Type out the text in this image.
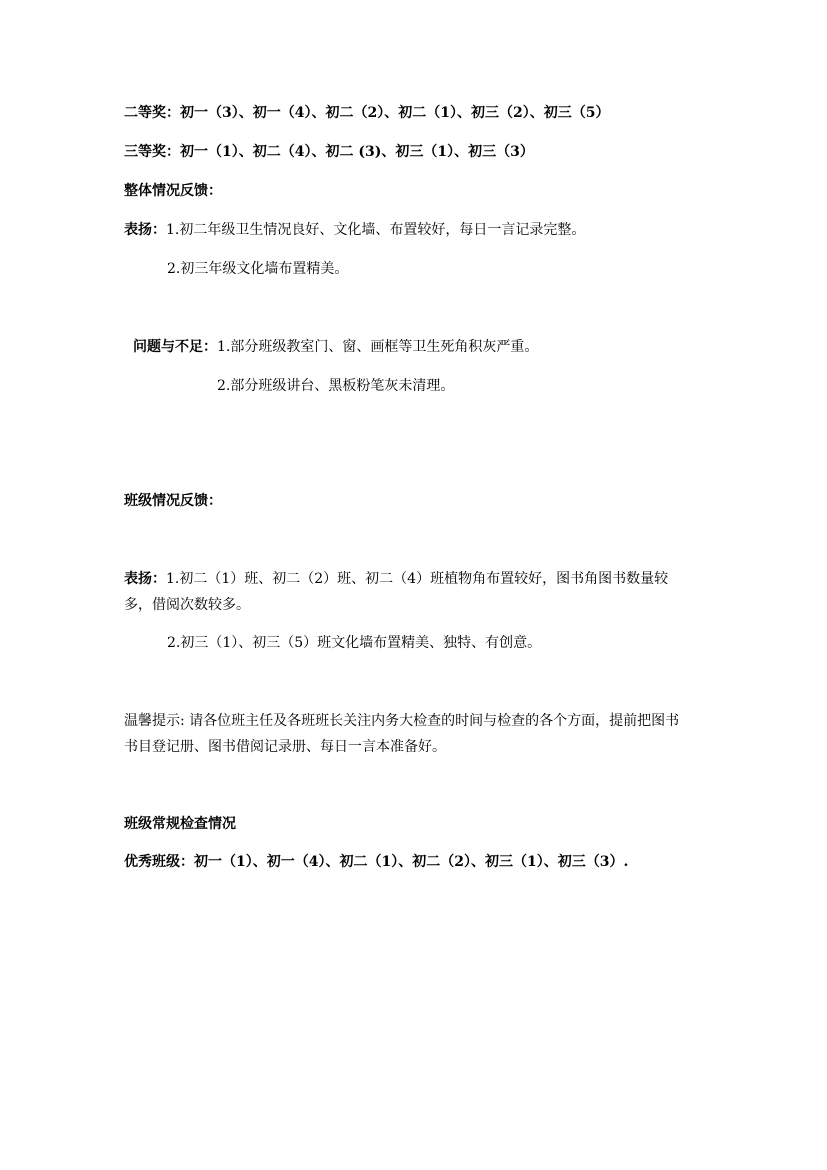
二等奖：初一（3）、初一（4）、初二（2）、初二（1）、初三（2）、初三（5）
三等奖：初一（1）、初二（4）、初二 (3)、初三（1）、初三（3）
整体情况反馈：
表扬：1.初二年级卫生情况良好、文化墙、布置较好，每日一言记录完整。
2.初三年级文化墙布置精美。
问题与不足：1.部分班级教室门、窗、画框等卫生死角积灰严重。
2.部分班级讲台、黑板粉笔灰未清理。
班级情况反馈：
表扬：1.初二（1）班、初二（2）班、初二（4）班植物角布置较好，图书角图书数量较多，借阅次数较多。
2.初三（1）、初三（5）班文化墙布置精美、独特、有创意。
温馨提示: 请各位班主任及各班班长关注内务大检查的时间与检查的各个方面，提前把图书书目登记册、图书借阅记录册、每日一言本准备好。
班级常规检查情况
优秀班级：初一（1）、初一（4）、初二（1）、初二（2）、初三（1）、初三（3）.
